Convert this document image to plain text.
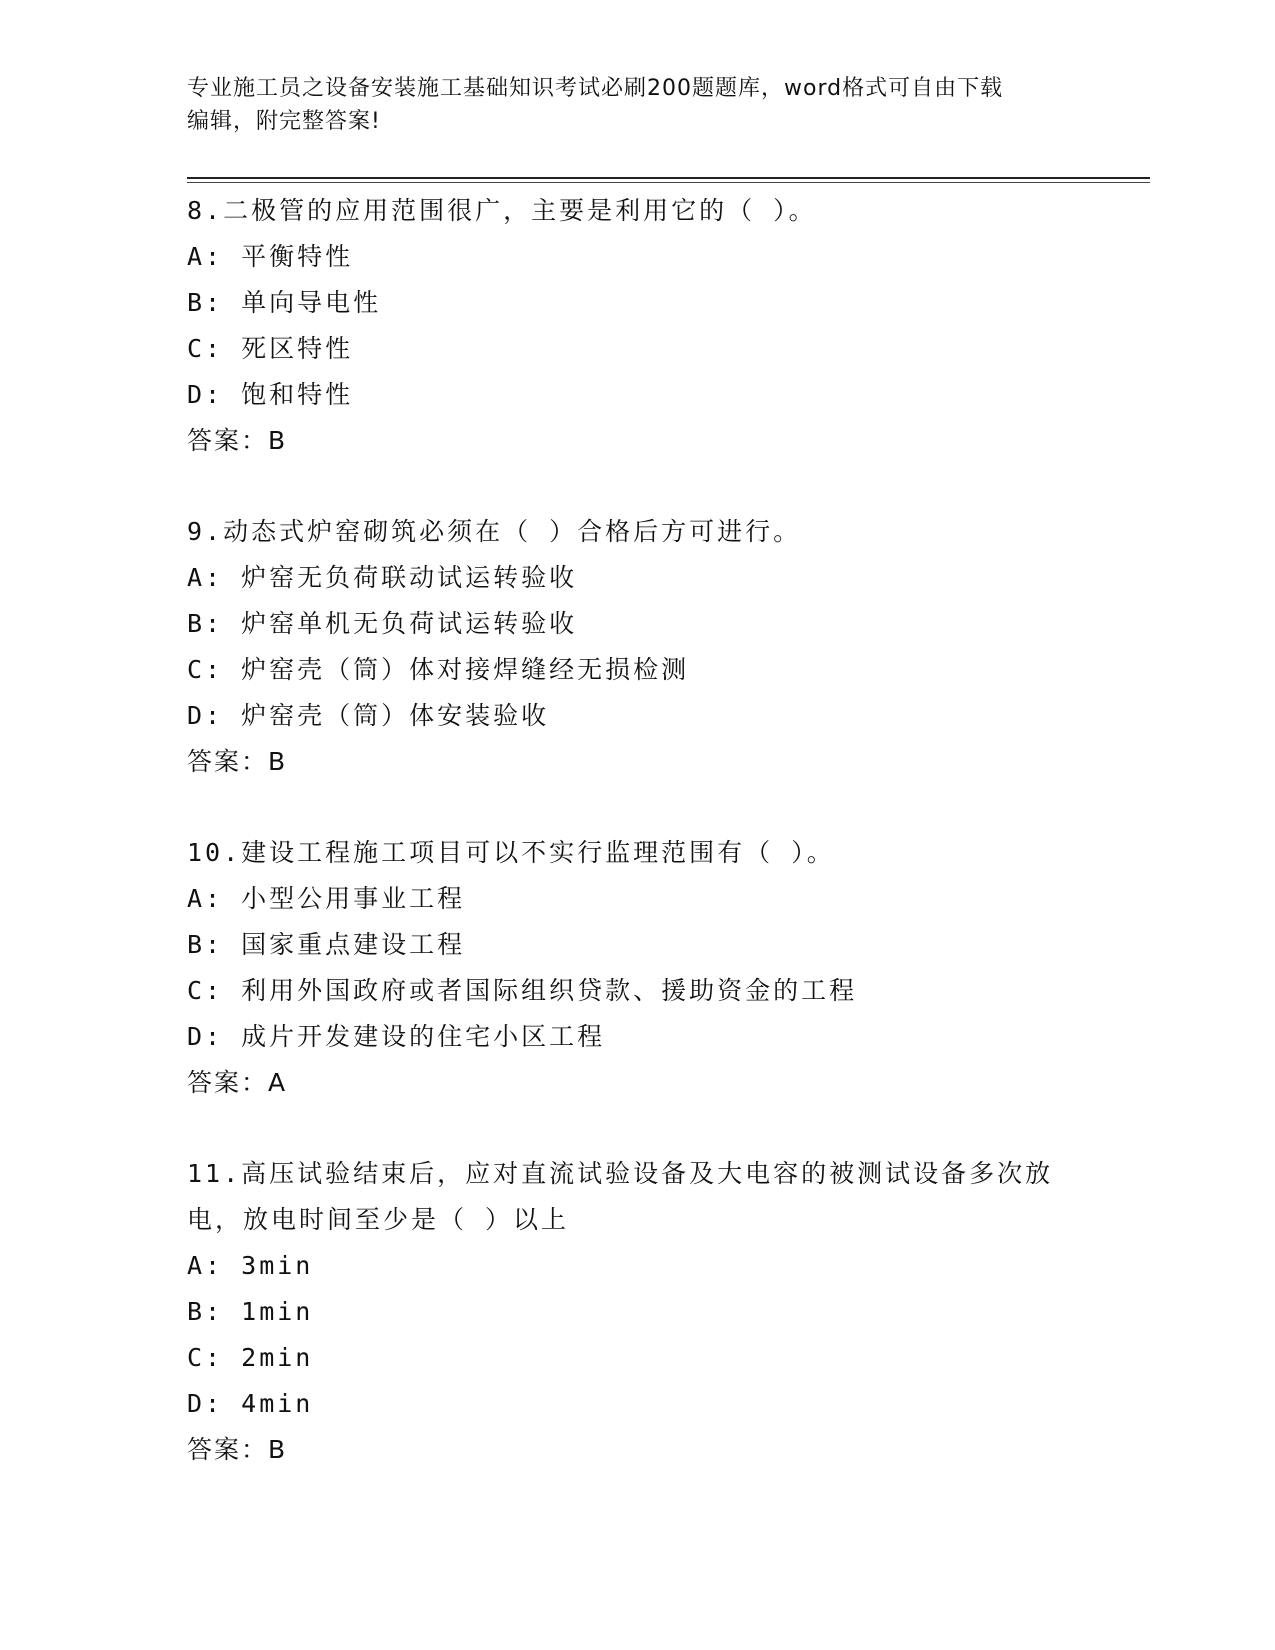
专业施工员之设备安装施工基础知识考试必刷200题题库，word格式可自由下载
编辑，附完整答案!

8.二极管的应用范围很广，主要是利用它的（ ）。

A: 平衡特性

B: 单向导电性

C: 死区特性

D: 饱和特性

答案：B

9.动态式炉窑砌筑必须在（ ）合格后方可进行。

A: 炉窑无负荷联动试运转验收

B: 炉窑单机无负荷试运转验收

C: 炉窑壳（筒）体对接焊缝经无损检测

D: 炉窑壳（筒）体安装验收

答案：B

10.建设工程施工项目可以不实行监理范围有（ ）。

A: 小型公用事业工程

B: 国家重点建设工程

C: 利用外国政府或者国际组织贷款、援助资金的工程

D: 成片开发建设的住宅小区工程

答案：A

11.高压试验结束后，应对直流试验设备及大电容的被测试设备多次放电，放电时间至少是（ ）以上

A: 3min

B: 1min

C: 2min

D: 4min

答案：B
